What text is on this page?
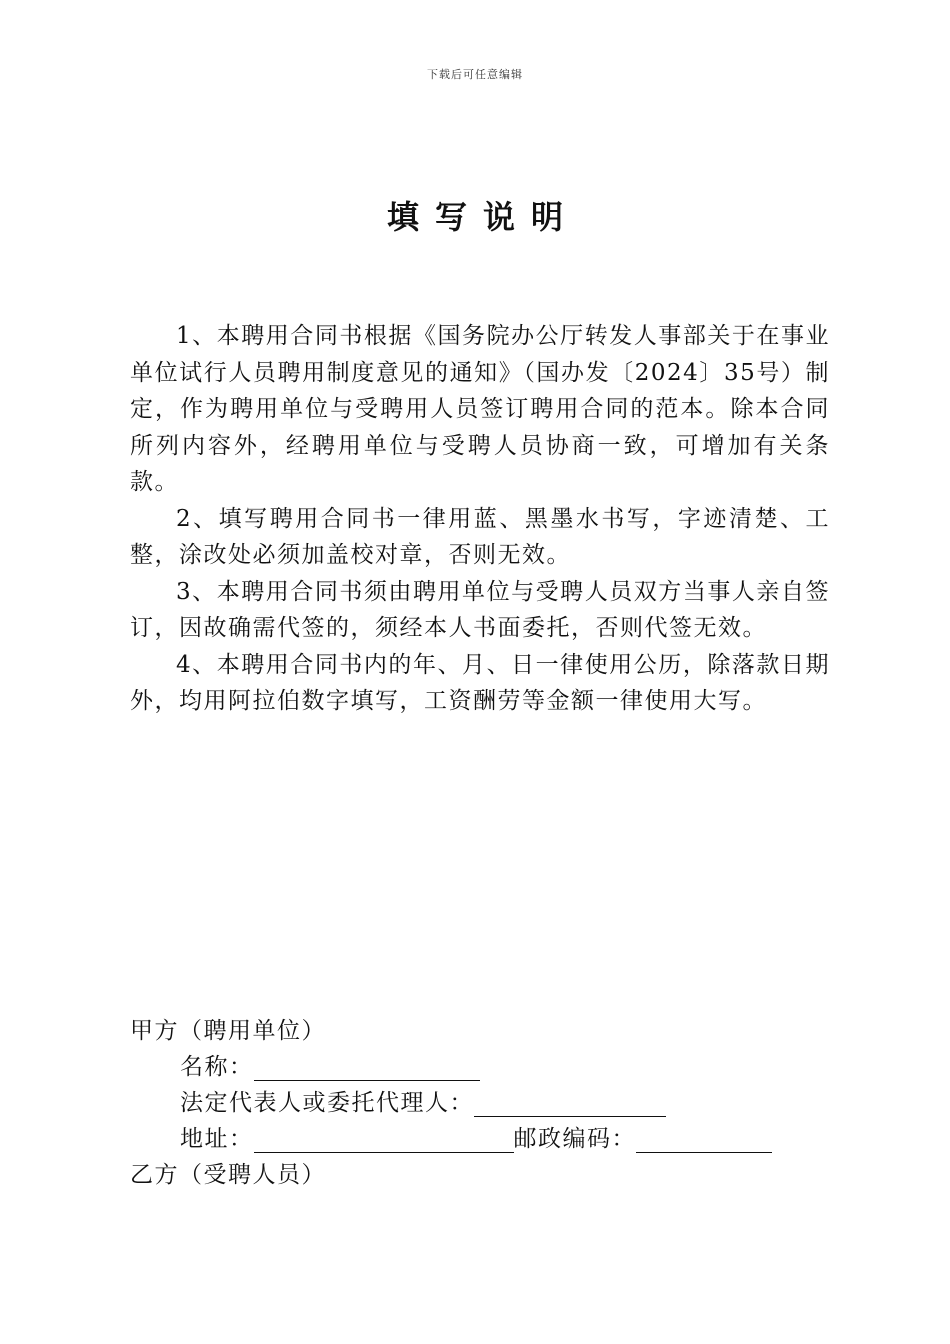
下载后可任意编辑
填写说明

1、本聘用合同书根据《国务院办公厅转发人事部关于在事业单位试行人员聘用制度意见的通知》（国办发〔2024〕35号）制定，作为聘用单位与受聘用人员签订聘用合同的范本。除本合同所列内容外，经聘用单位与受聘人员协商一致，可增加有关条款。

2、填写聘用合同书一律用蓝、黑墨水书写，字迹清楚、工整，涂改处必须加盖校对章，否则无效。

3、本聘用合同书须由聘用单位与受聘人员双方当事人亲自签订，因故确需代签的，须经本人书面委托，否则代签无效。

4、本聘用合同书内的年、月、日一律使用公历，除落款日期外，均用阿拉伯数字填写，工资酬劳等金额一律使用大写。

甲方（聘用单位）
名称：
法定代表人或委托代理人：
地址：	邮政编码：
乙方（受聘人员）
